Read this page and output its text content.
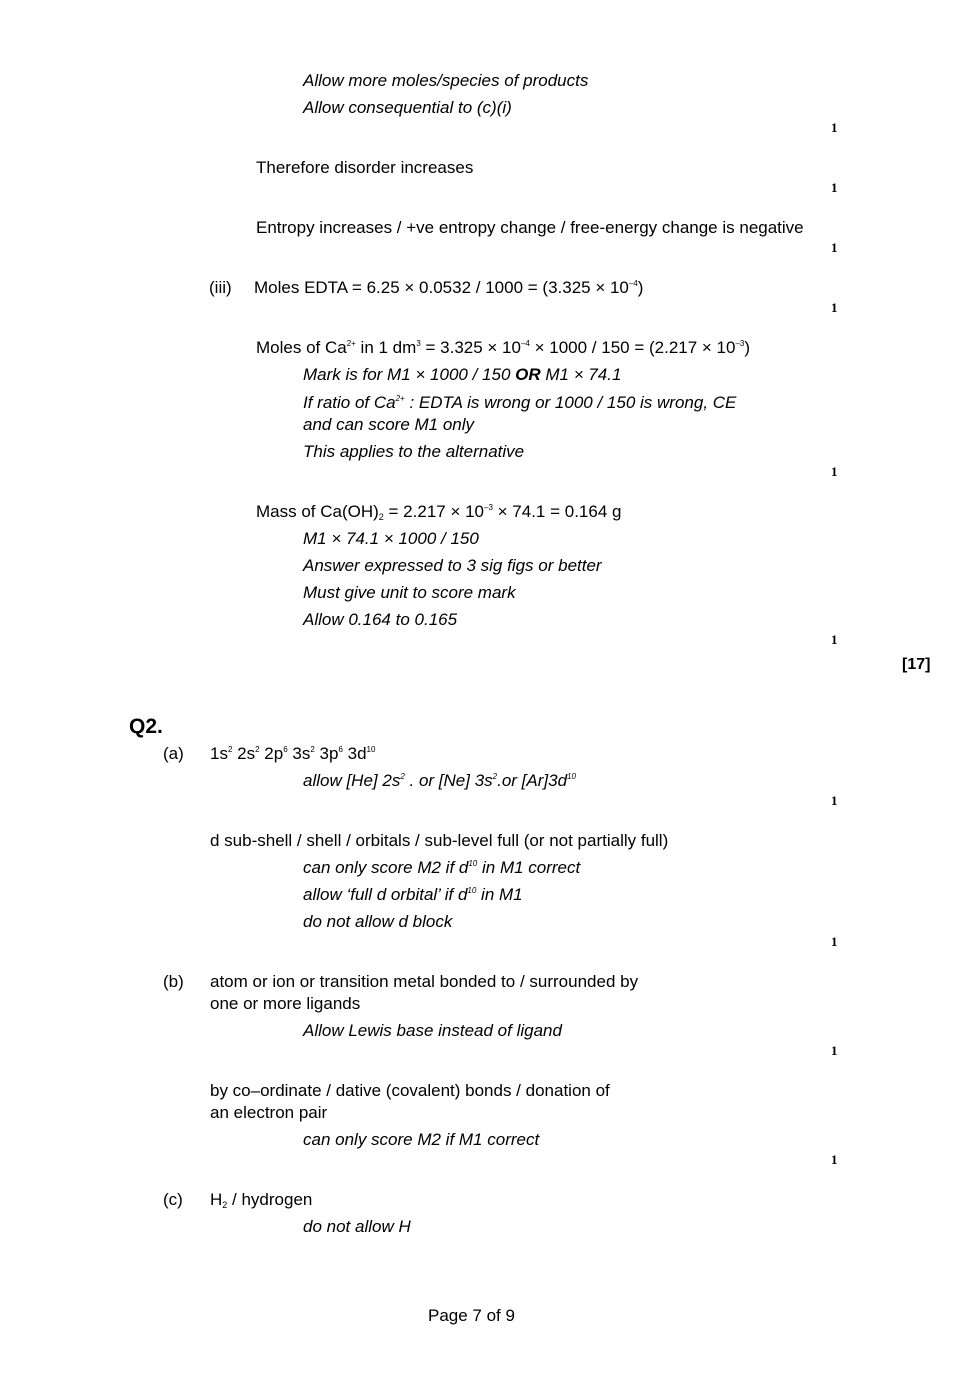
Allow more moles/species of products
Allow consequential to (c)(i)
1
Therefore disorder increases
1
Entropy increases / +ve entropy change / free-energy change is negative
1
(iii) Moles EDTA = $6.25 \times 0.0532 / 1000 = (3.325 \times 10^{-4})$
1
Moles of $Ca^{2+}$ in 1 $dm^3 = 3.325 \times 10^{-4} \times 1000 / 150 = (2.217 \times 10^{-3})$
Mark is for M1 × 1000 / 150 OR M1 × 74.1
If ratio of $Ca^{2+}$ : EDTA is wrong or 1000 / 150 is wrong, CE
and can score M1 only
This applies to the alternative
1
Mass of $Ca(OH)_2 = 2.217 \times 10^{-3} \times 74.1 = 0.164$ g
M1 × 74.1 × 1000 / 150
Answer expressed to 3 sig figs or better
Must give unit to score mark
Allow 0.164 to 0.165
1
[17]
Q2.
(a) $1s^2$ $2s^2$ $2p^6$ $3s^2$ $3p^6$ $3d^{10}$
allow [He] $2s^2$ . or [Ne] $3s^2.or$ $[Ar]3d^{10}$
1
d sub-shell / shell / orbitals / sub-level full (or not partially full)
can only score M2 if $d^{10}$ in M1 correct
allow ‘full d orbital’ if $d^{10}$ in M1
do not allow d block
1
(b) atom or ion or transition metal bonded to / surrounded by
one or more ligands
Allow Lewis base instead of ligand
1
by co–ordinate / dative (covalent) bonds / donation of
an electron pair
can only score M2 if M1 correct
1
(c) $H_2$ / hydrogen
do not allow H
Page 7 of 9
